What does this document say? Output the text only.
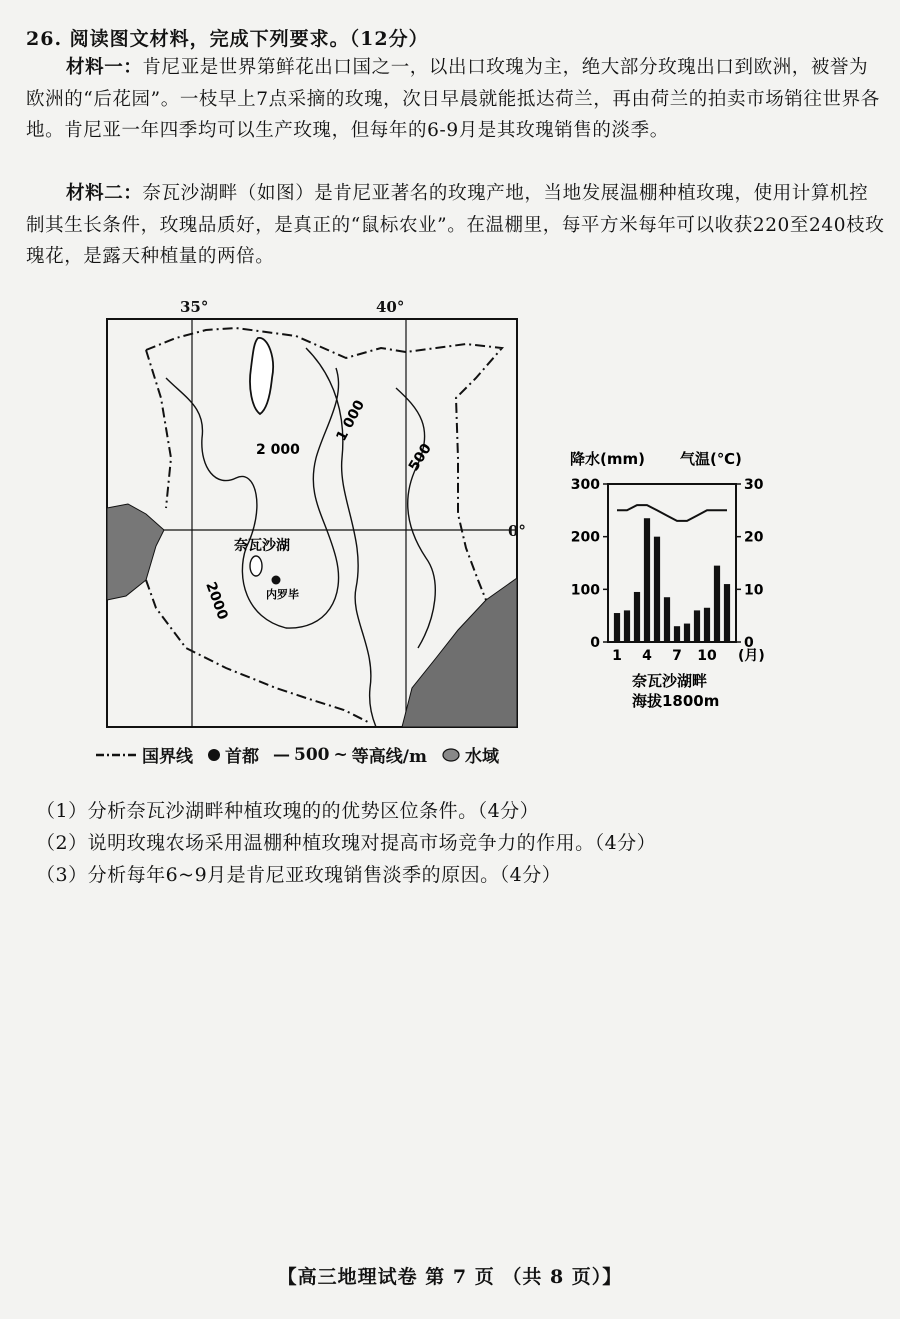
26. 阅读图文材料，完成下列要求。（12分）

材料一：肯尼亚是世界第鲜花出口国之一，以出口玫瑰为主，绝大部分玫瑰出口到欧洲，被誉为欧洲的“后花园”。一枝早上7点采摘的玫瑰，次日早晨就能抵达荷兰，再由荷兰的拍卖市场销往世界各地。肯尼亚一年四季均可以生产玫瑰，但每年的6-9月是其玫瑰销售的淡季。

材料二：奈瓦沙湖畔（如图）是肯尼亚著名的玫瑰产地，当地发展温棚种植玫瑰，使用计算机控制其生长条件，玫瑰品质好，是真正的“鼠标农业”。在温棚里，每平方米每年可以收获220至240枝玫瑰花，是露天种植量的两倍。

2 000
1 000
500
2000
奈瓦沙湖
内罗毕
35°	40°
0°
降水(mm) 气温(℃)
0
100
200
300
0
10
20
30
1 4 7 10 (月)
奈瓦沙湖畔
海拔1800m
国界线 首都 — 500 ~ 等高线/m 水域
（1）分析奈瓦沙湖畔种植玫瑰的的优势区位条件。（4分）
（2）说明玫瑰农场采用温棚种植玫瑰对提高市场竞争力的作用。（4分）
（3）分析每年6~9月是肯尼亚玫瑰销售淡季的原因。（4分）
【高三地理试卷 第 7 页 （共 8 页）】
